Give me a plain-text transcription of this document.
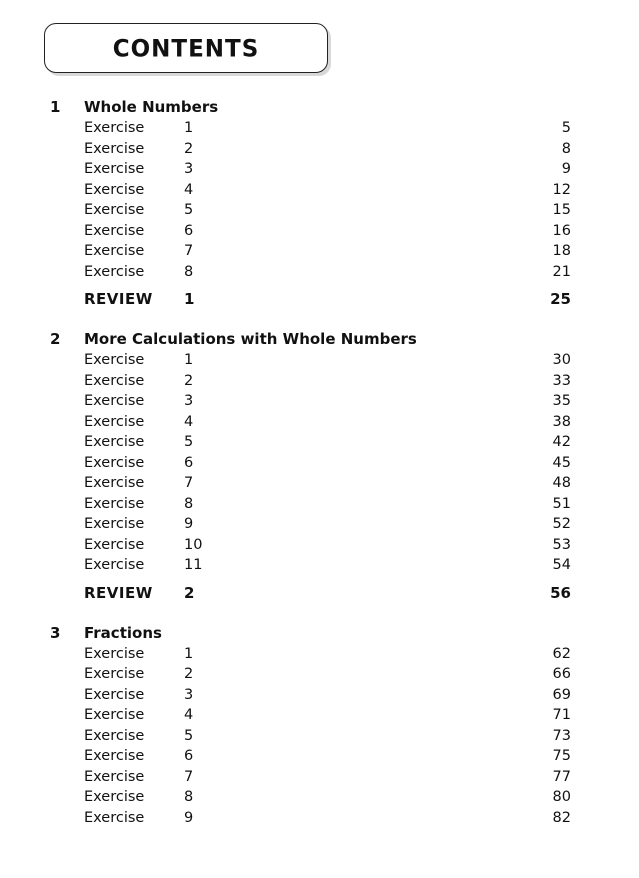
CONTENTS
1 Whole Numbers
Exercise	1	5
Exercise	2	8
Exercise	3	9
Exercise	4	12
Exercise	5	15
Exercise	6	16
Exercise	7	18
Exercise	8	21
REVIEW 1	25
2 More Calculations with Whole Numbers
Exercise	1	30
Exercise	2	33
Exercise	3	35
Exercise	4	38
Exercise	5	42
Exercise	6	45
Exercise	7	48
Exercise	8	51
Exercise	9	52
Exercise	10	53
Exercise	11	54
REVIEW 2	56
3 Fractions
Exercise	1	62
Exercise	2	66
Exercise	3	69
Exercise	4	71
Exercise	5	73
Exercise	6	75
Exercise	7	77
Exercise	8	80
Exercise	9	82
